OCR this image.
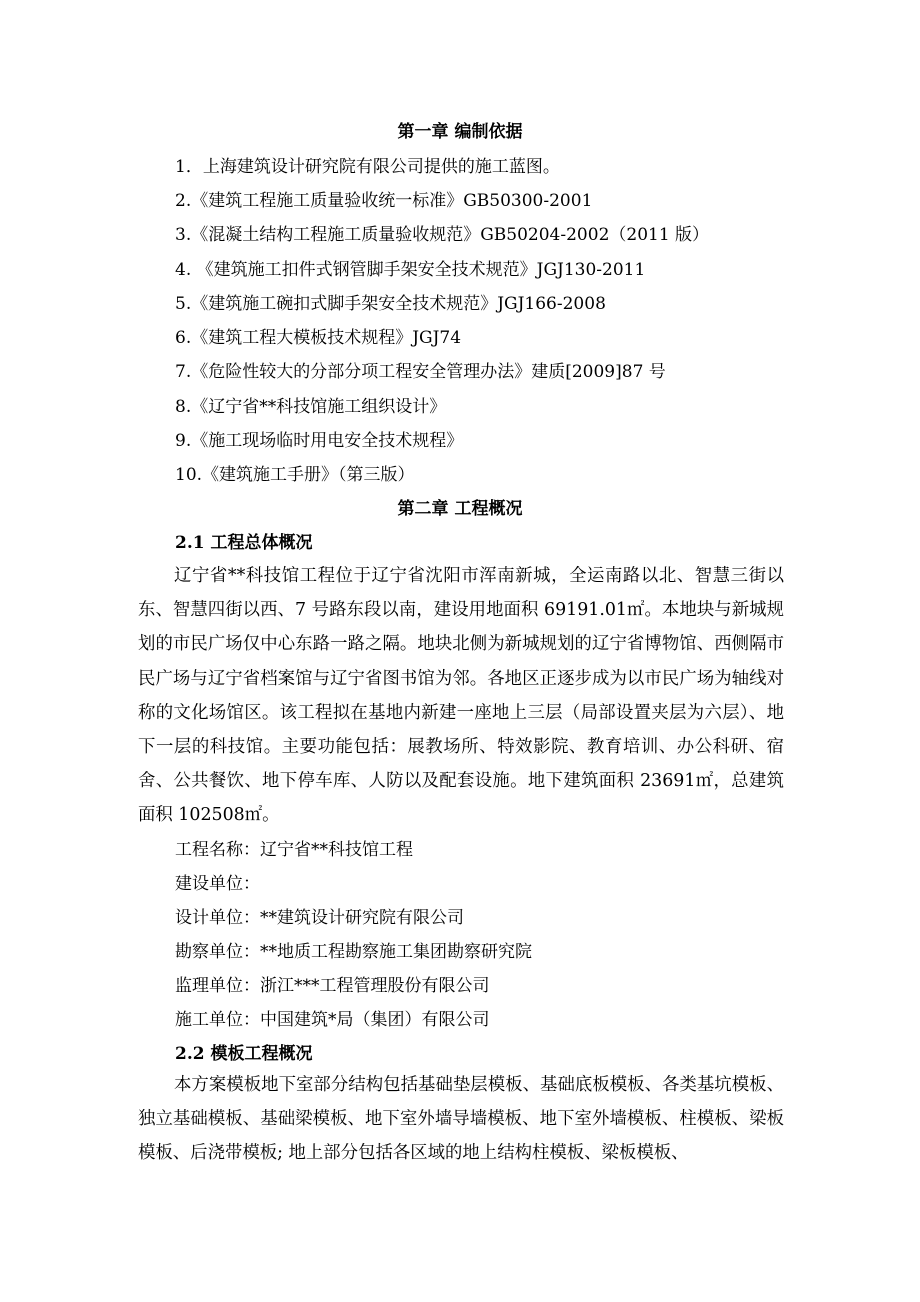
第一章 编制依据
1．上海建筑设计研究院有限公司提供的施工蓝图。
2.《建筑工程施工质量验收统一标准》GB50300-2001
3.《混凝土结构工程施工质量验收规范》GB50204-2002（2011 版）
4. 《建筑施工扣件式钢管脚手架安全技术规范》JGJ130-2011
5.《建筑施工碗扣式脚手架安全技术规范》JGJ166-2008
6.《建筑工程大模板技术规程》JGJ74
7.《危险性较大的分部分项工程安全管理办法》建质[2009]87 号
8.《辽宁省**科技馆施工组织设计》
9.《施工现场临时用电安全技术规程》
10.《建筑施工手册》（第三版）
第二章 工程概况
2.1 工程总体概况

辽宁省**科技馆工程位于辽宁省沈阳市浑南新城，全运南路以北、智慧三街以东、智慧四街以西、7 号路东段以南，建设用地面积 69191.01㎡。本地块与新城规划的市民广场仅中心东路一路之隔。地块北侧为新城规划的辽宁省博物馆、西侧隔市民广场与辽宁省档案馆与辽宁省图书馆为邻。各地区正逐步成为以市民广场为轴线对称的文化场馆区。该工程拟在基地内新建一座地上三层（局部设置夹层为六层）、地下一层的科技馆。主要功能包括：展教场所、特效影院、教育培训、办公科研、宿舍、公共餐饮、地下停车库、人防以及配套设施。地下建筑面积 23691㎡，总建筑面积 102508㎡。

工程名称：辽宁省**科技馆工程
建设单位：
设计单位：**建筑设计研究院有限公司
勘察单位：**地质工程勘察施工集团勘察研究院
监理单位：浙江***工程管理股份有限公司
施工单位：中国建筑*局（集团）有限公司
2.2 模板工程概况

本方案模板地下室部分结构包括基础垫层模板、基础底板模板、各类基坑模板、独立基础模板、基础梁模板、地下室外墙导墙模板、地下室外墙模板、柱模板、梁板模板、后浇带模板; 地上部分包括各区域的地上结构柱模板、梁板模板、
